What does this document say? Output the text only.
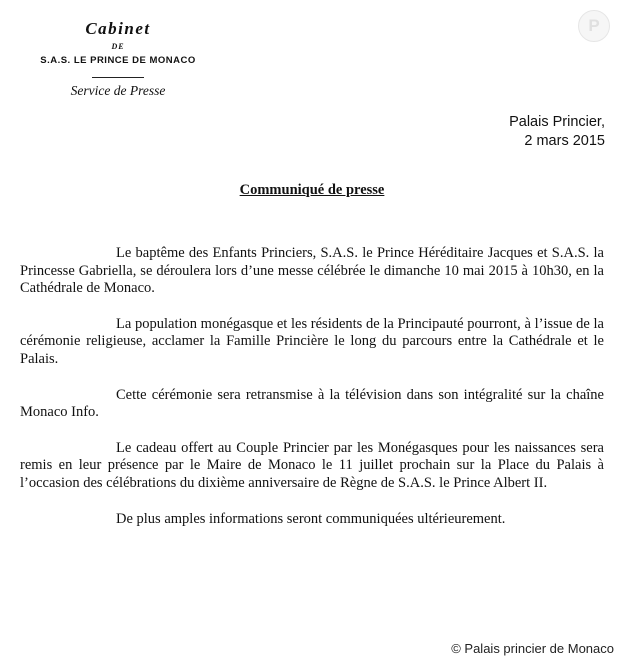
Cabinet
DE
S.A.S. LE PRINCE DE MONACO
Service de Presse
P
Palais Princier,
2 mars 2015
Communiqué de presse

Le baptême des Enfants Princiers, S.A.S. le Prince Héréditaire Jacques et S.A.S. la Princesse Gabriella, se déroulera lors d’une messe célébrée le dimanche 10 mai 2015 à 10h30, en la Cathédrale de Monaco.

La population monégasque et les résidents de la Principauté pourront, à l’issue de la cérémonie religieuse, acclamer la Famille Princière le long du parcours entre la Cathédrale et le Palais.

Cette cérémonie sera retransmise à la télévision dans son intégralité sur la chaîne Monaco Info.

Le cadeau offert au Couple Princier par les Monégasques pour les naissances sera remis en leur présence par le Maire de Monaco le 11 juillet prochain sur la Place du Palais à l’occasion des célébrations du dixième anniversaire de Règne de S.A.S. le Prince Albert II.

De plus amples informations seront communiquées ultérieurement.

© Palais princier de Monaco
